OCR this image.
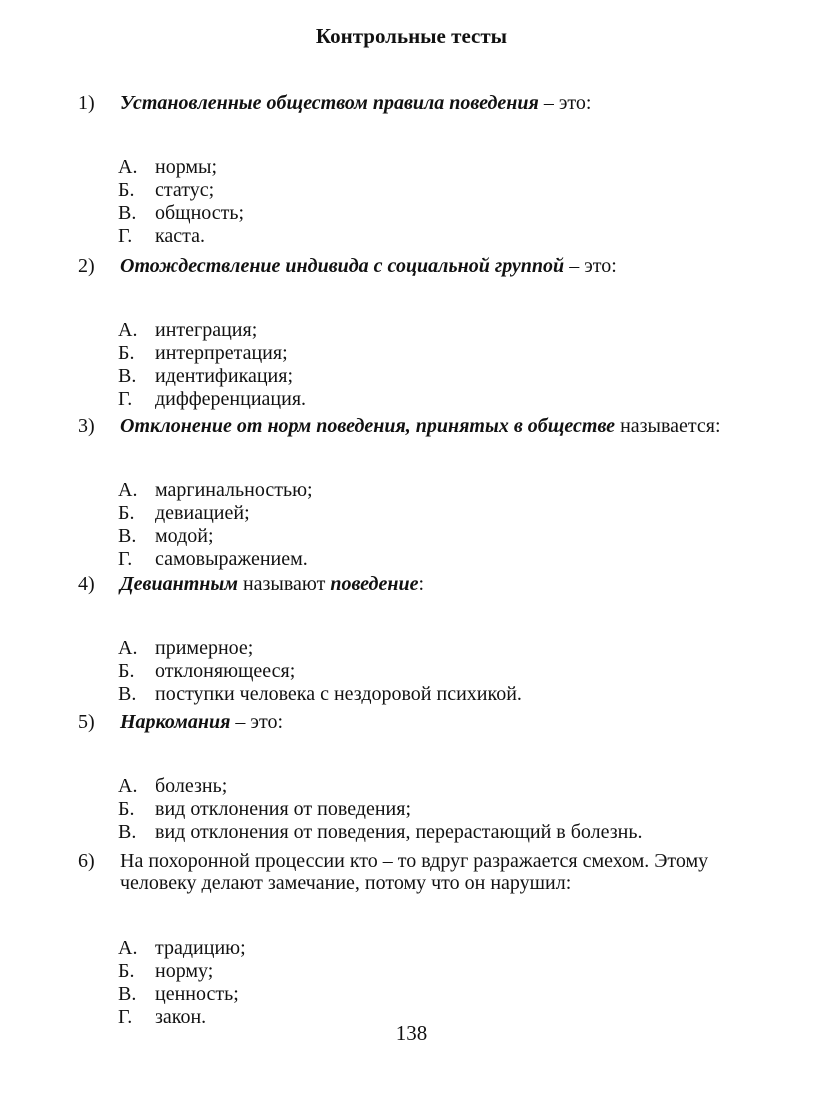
Контрольные тесты
1) Установленные обществом правила поведения – это:
А. нормы;
Б. статус;
В. общность;
Г. каста.
2) Отождествление индивида с социальной группой – это:
А. интеграция;
Б. интерпретация;
В. идентификация;
Г. дифференциация.
3) Отклонение от норм поведения, принятых в обществе называется:
А. маргинальностью;
Б. девиацией;
В. модой;
Г. самовыражением.
4) Девиантным называют поведение:
А. примерное;
Б. отклоняющееся;
В. поступки человека с нездоровой психикой.
5) Наркомания – это:
А. болезнь;
Б. вид отклонения от поведения;
В. вид отклонения от поведения, перерастающий в болезнь.
6) На похоронной процессии кто – то вдруг разражается смехом. Этому
человеку делают замечание, потому что он нарушил:
А. традицию;
Б. норму;
В. ценность;
Г. закон.
138
